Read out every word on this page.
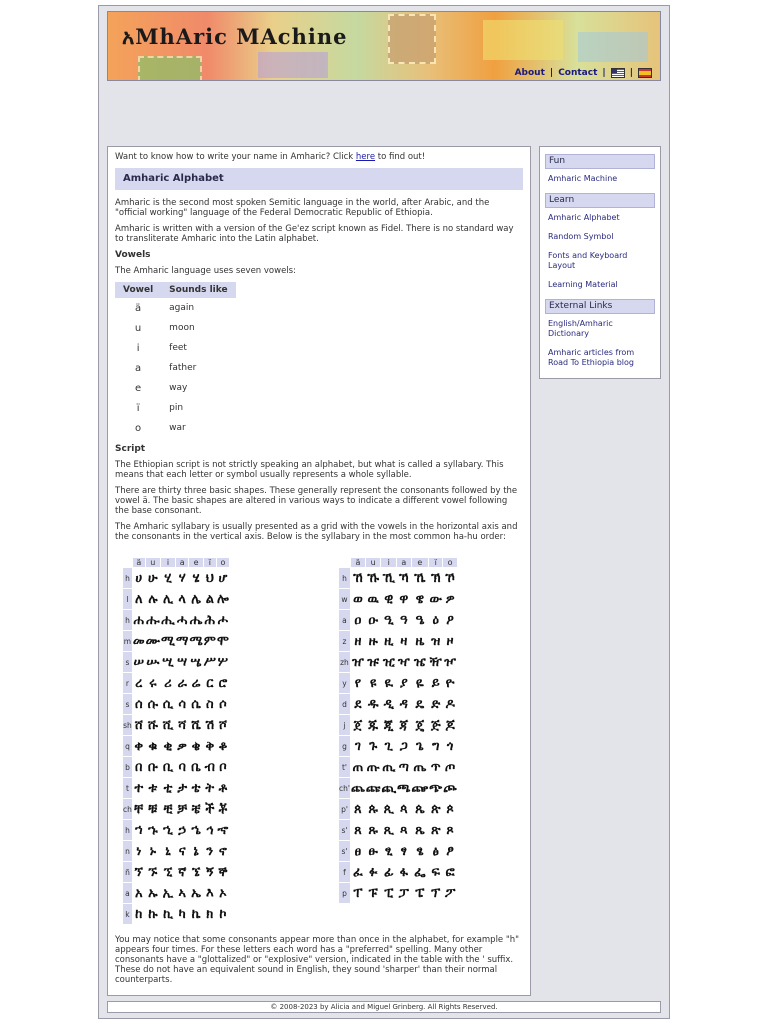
አMhAric MAchine
About | Contact |	|

Want to know how to write your name in Amharic? Click here to find out!

Amharic Alphabet

Amharic is the second most spoken Semitic language in the world, after Arabic, and the "official working" language of the Federal Democratic Republic of Ethiopia.

Amharic is written with a version of the Ge'ez script known as Fidel. There is no standard way to transliterate Amharic into the Latin alphabet.

Vowels

The Amharic language uses seven vowels:

Vowel	Sounds like
ä	again
u	moon
i	feet
a	father
e	way
ï	pin
o	war
Script

The Ethiopian script is not strictly speaking an alphabet, but what is called a syllabary. This means that each letter or symbol usually represents a whole syllable.

There are thirty three basic shapes. These generally represent the consonants followed by the vowel ä. The basic shapes are altered in various ways to indicate a different vowel following the base consonant.

The Amharic syllabary is usually presented as a grid with the vowels in the horizontal axis and the consonants in the vertical axis. Below is the syllabary in the most common ha-hu order:

	ä	u	i	a	e	ï	o
h	ሀ	ሁ	ሂ	ሃ	ሄ	ህ	ሆ
l	ለ	ሉ	ሊ	ላ	ሌ	ል	ሎ
h	ሐ	ሑ	ሒ	ሓ	ሔ	ሕ	ሖ
m	መ	ሙ	ሚ	ማ	ሜ	ም	ሞ
s	ሠ	ሡ	ሢ	ሣ	ሤ	ሥ	ሦ
r	ረ	ሩ	ሪ	ራ	ሬ	ር	ሮ
s	ሰ	ሱ	ሲ	ሳ	ሴ	ስ	ሶ
sh	ሸ	ሹ	ሺ	ሻ	ሼ	ሽ	ሾ
q	ቀ	ቁ	ቂ	ቃ	ቄ	ቅ	ቆ
b	በ	ቡ	ቢ	ባ	ቤ	ብ	ቦ
t	ተ	ቱ	ቲ	ታ	ቴ	ት	ቶ
ch	ቸ	ቹ	ቺ	ቻ	ቼ	ች	ቾ
h	ኀ	ኁ	ኂ	ኃ	ኄ	ኅ	ኆ
n	ነ	ኑ	ኒ	ና	ኔ	ን	ኖ
ñ	ኘ	ኙ	ኚ	ኛ	ኜ	ኝ	ኞ
a	አ	ኡ	ኢ	ኣ	ኤ	እ	ኦ
k	ከ	ኩ	ኪ	ካ	ኬ	ክ	ኮ
	ä	u	i	a	e	ï	o
h	ኸ	ኹ	ኺ	ኻ	ኼ	ኽ	ኾ
w	ወ	ዉ	ዊ	ዋ	ዌ	ው	ዎ
a	ዐ	ዑ	ዒ	ዓ	ዔ	ዕ	ዖ
z	ዘ	ዙ	ዚ	ዛ	ዜ	ዝ	ዞ
zh	ዠ	ዡ	ዢ	ዣ	ዤ	ዥ	ዦ
y	የ	ዩ	ዪ	ያ	ዬ	ይ	ዮ
d	ደ	ዱ	ዲ	ዳ	ዴ	ድ	ዶ
j	ጀ	ጁ	ጂ	ጃ	ጄ	ጅ	ጆ
g	ገ	ጉ	ጊ	ጋ	ጌ	ግ	ጎ
t'	ጠ	ጡ	ጢ	ጣ	ጤ	ጥ	ጦ
ch'	ጨ	ጩ	ጪ	ጫ	ጬ	ጭ	ጮ
p'	ጰ	ጱ	ጲ	ጳ	ጴ	ጵ	ጶ
s'	ጸ	ጹ	ጺ	ጻ	ጼ	ጽ	ጾ
s'	ፀ	ፁ	ፂ	ፃ	ፄ	ፅ	ፆ
f	ፈ	ፉ	ፊ	ፋ	ፌ	ፍ	ፎ
p	ፐ	ፑ	ፒ	ፓ	ፔ	ፕ	ፖ

You may notice that some consonants appear more than once in the alphabet, for example "h" appears four times. For these letters each word has a "preferred" spelling. Many other consonants have a "glottalized" or "explosive" version, indicated in the table with the ' suffix. These do not have an equivalent sound in English, they sound 'sharper' than their normal counterparts.

Fun
Amharic Machine
Learn
Amharic Alphabet
Random Symbol
Fonts and Keyboard Layout
Learning Material
External Links
English/Amharic Dictionary
Amharic articles from Road To Ethiopia blog
© 2008-2023 by Alicia and Miguel Grinberg. All Rights Reserved.
